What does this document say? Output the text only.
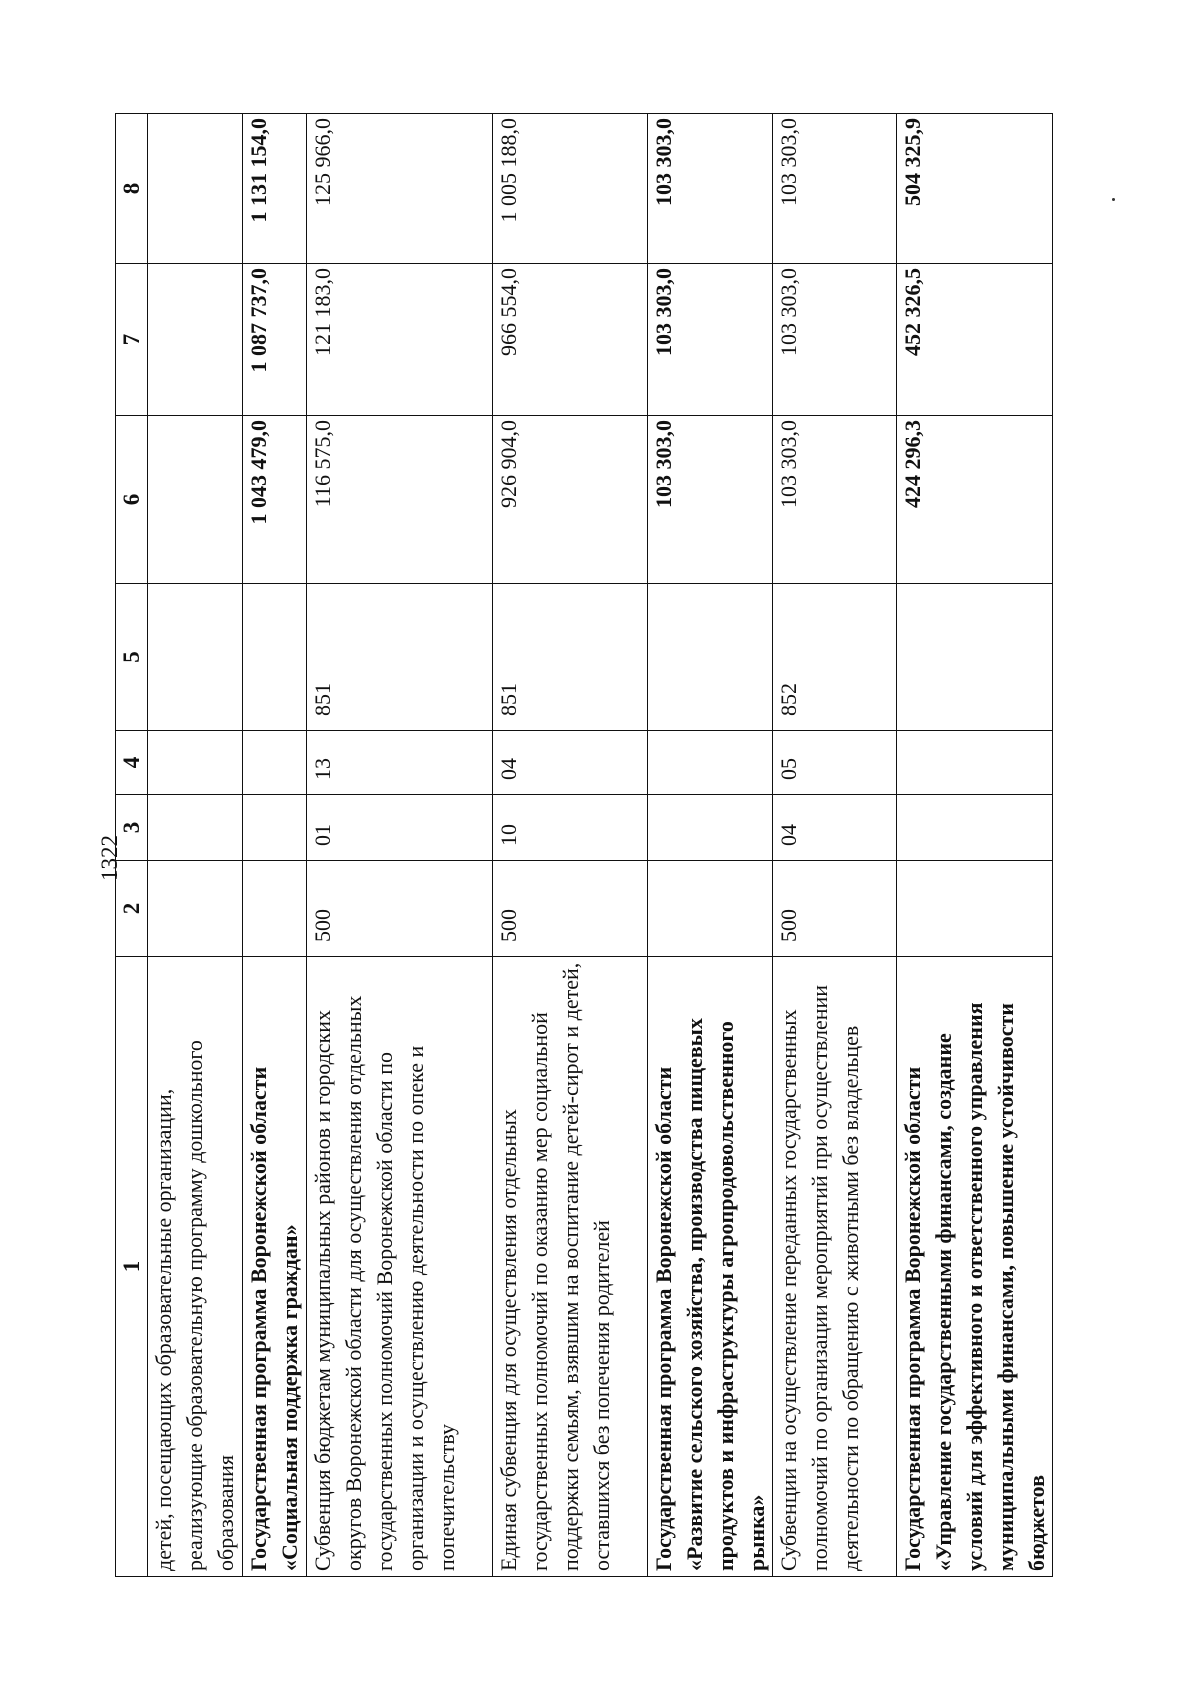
1322
1	2	3	4	5	6	7	8
детей, посещающих образовательные организации, реализующие образовательную программу дошкольного образования							
Государственная программа Воронежской области «Социальная поддержка граждан»					1 043 479,0	1 087 737,0	1 131 154,0
Субвенция бюджетам муниципальных районов и городских округов Воронежской области для осуществления отдельных государственных полномочий Воронежской области по организации и осуществлению деятельности по опеке и попечительству	500	01	13	851	116 575,0	121 183,0	125 966,0
Единая субвенция для осуществления отдельных государственных полномочий по оказанию мер социальной поддержки семьям, взявшим на воспитание детей-сирот и детей, оставшихся без попечения родителей	500	10	04	851	926 904,0	966 554,0	1 005 188,0
Государственная программа Воронежской области «Развитие сельского хозяйства, производства пищевых продуктов и инфраструктуры агропродовольственного рынка»					103 303,0	103 303,0	103 303,0
Субвенции на осуществление переданных государственных полномочий по организации мероприятий при осуществлении деятельности по обращению с животными без владельцев	500	04	05	852	103 303,0	103 303,0	103 303,0
Государственная программа Воронежской области «Управление государственными финансами, создание условий для эффективного и ответственного управления муниципальными финансами, повышение устойчивости бюджетов					424 296,3	452 326,5	504 325,9
